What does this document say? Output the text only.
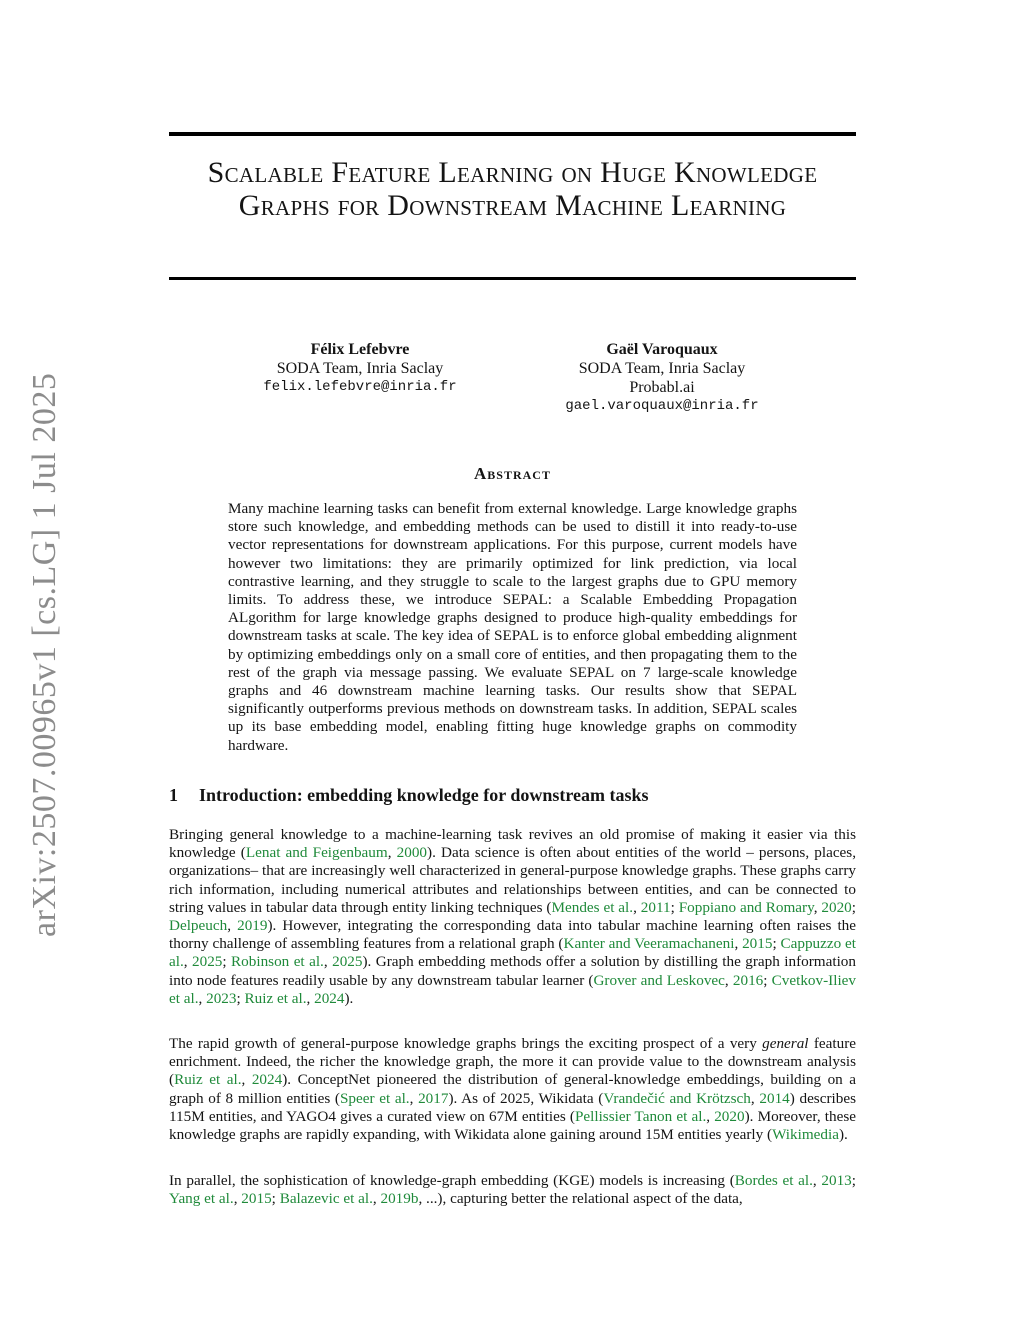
arXiv:2507.00965v1 [cs.LG] 1 Jul 2025
Scalable Feature Learning on Huge Knowledge Graphs for Downstream Machine Learning
Félix Lefebvre
SODA Team, Inria Saclay
felix.lefebvre@inria.fr
Gaël Varoquaux
SODA Team, Inria Saclay
Probabl.ai
gael.varoquaux@inria.fr
Abstract

Many machine learning tasks can benefit from external knowledge. Large knowledge graphs store such knowledge, and embedding methods can be used to distill it into ready-to-use vector representations for downstream applications. For this purpose, current models have however two limitations: they are primarily optimized for link prediction, via local contrastive learning, and they struggle to scale to the largest graphs due to GPU memory limits. To address these, we introduce SEPAL: a Scalable Embedding Propagation ALgorithm for large knowledge graphs designed to produce high-quality embeddings for downstream tasks at scale. The key idea of SEPAL is to enforce global embedding alignment by optimizing embeddings only on a small core of entities, and then propagating them to the rest of the graph via message passing. We evaluate SEPAL on 7 large-scale knowledge graphs and 46 downstream machine learning tasks. Our results show that SEPAL significantly outperforms previous methods on downstream tasks. In addition, SEPAL scales up its base embedding model, enabling fitting huge knowledge graphs on commodity hardware.

1 Introduction: embedding knowledge for downstream tasks

Bringing general knowledge to a machine-learning task revives an old promise of making it easier via this knowledge (Lenat and Feigenbaum, 2000). Data science is often about entities of the world – persons, places, organizations– that are increasingly well characterized in general-purpose knowledge graphs. These graphs carry rich information, including numerical attributes and relationships between entities, and can be connected to string values in tabular data through entity linking techniques (Mendes et al., 2011; Foppiano and Romary, 2020; Delpeuch, 2019). However, integrating the corresponding data into tabular machine learning often raises the thorny challenge of assembling features from a relational graph (Kanter and Veeramachaneni, 2015; Cappuzzo et al., 2025; Robinson et al., 2025). Graph embedding methods offer a solution by distilling the graph information into node features readily usable by any downstream tabular learner (Grover and Leskovec, 2016; Cvetkov-Iliev et al., 2023; Ruiz et al., 2024).

The rapid growth of general-purpose knowledge graphs brings the exciting prospect of a very general feature enrichment. Indeed, the richer the knowledge graph, the more it can provide value to the downstream analysis (Ruiz et al., 2024). ConceptNet pioneered the distribution of general-knowledge embeddings, building on a graph of 8 million entities (Speer et al., 2017). As of 2025, Wikidata (Vrandečić and Krötzsch, 2014) describes 115M entities, and YAGO4 gives a curated view on 67M entities (Pellissier Tanon et al., 2020). Moreover, these knowledge graphs are rapidly expanding, with Wikidata alone gaining around 15M entities yearly (Wikimedia).

In parallel, the sophistication of knowledge-graph embedding (KGE) models is increasing (Bordes et al., 2013; Yang et al., 2015; Balazevic et al., 2019b, ...), capturing better the relational aspect of the data,
